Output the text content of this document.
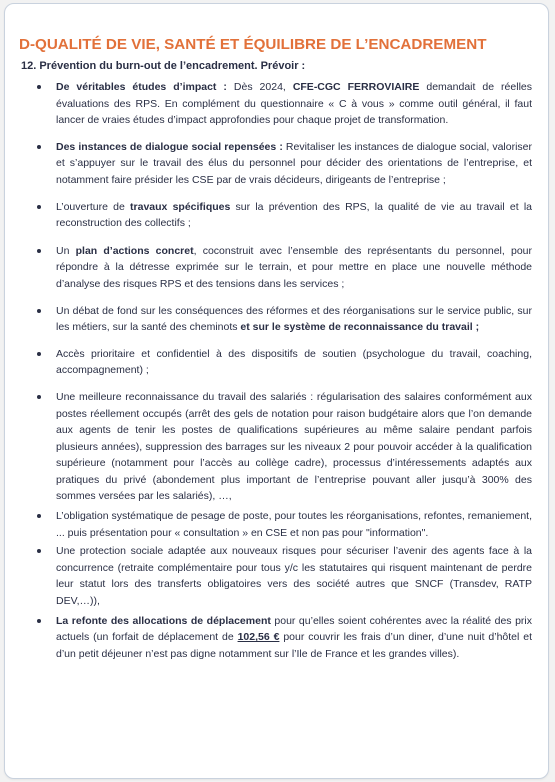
D-QUALITÉ DE VIE, SANTÉ ET ÉQUILIBRE DE L’ENCADREMENT
12. Prévention du burn-out de l’encadrement. Prévoir :
De véritables études d’impact : Dès 2024, CFE-CGC FERROVIAIRE demandait de réelles évaluations des RPS. En complément du questionnaire « C à vous » comme outil général, il faut lancer de vraies études d’impact approfondies pour chaque projet de transformation.
Des instances de dialogue social repensées : Revitaliser les instances de dialogue social, valoriser et s’appuyer sur le travail des élus du personnel pour décider des orientations de l’entreprise, et notamment faire présider les CSE par de vrais décideurs, dirigeants de l’entreprise ;
L’ouverture de travaux spécifiques sur la prévention des RPS, la qualité de vie au travail et la reconstruction des collectifs ;
Un plan d’actions concret, coconstruit avec l’ensemble des représentants du personnel, pour répondre à la détresse exprimée sur le terrain, et pour mettre en place une nouvelle méthode d’analyse des risques RPS et des tensions dans les services ;
Un débat de fond sur les conséquences des réformes et des réorganisations sur le service public, sur les métiers, sur la santé des cheminots et sur le système de reconnaissance du travail ;
Accès prioritaire et confidentiel à des dispositifs de soutien (psychologue du travail, coaching, accompagnement) ;
Une meilleure reconnaissance du travail des salariés : régularisation des salaires conformément aux postes réellement occupés (arrêt des gels de notation pour raison budgétaire alors que l’on demande aux agents de tenir les postes de qualifications supérieures au même salaire pendant parfois plusieurs années), suppression des barrages sur les niveaux 2 pour pouvoir accéder à la qualification supérieure (notamment pour l’accès au collège cadre), processus d’intéressements adaptés aux pratiques du privé (abondement plus important de l’entreprise pouvant aller jusqu’à 300% des sommes versées par les salariés), …,
L’obligation systématique de pesage de poste, pour toutes les réorganisations, refontes, remaniement, ... puis présentation pour « consultation » en CSE et non pas pour "information".
Une protection sociale adaptée aux nouveaux risques pour sécuriser l’avenir des agents face à la concurrence (retraite complémentaire pour tous y/c les statutaires qui risquent maintenant de perdre leur statut lors des transferts obligatoires vers des société autres que SNCF (Transdev, RATP DEV,…)),
La refonte des allocations de déplacement pour qu’elles soient cohérentes avec la réalité des prix actuels (un forfait de déplacement de 102,56 € pour couvrir les frais d’un diner, d’une nuit d’hôtel et d’un petit déjeuner n’est pas digne notamment sur l’Ile de France et les grandes villes).
